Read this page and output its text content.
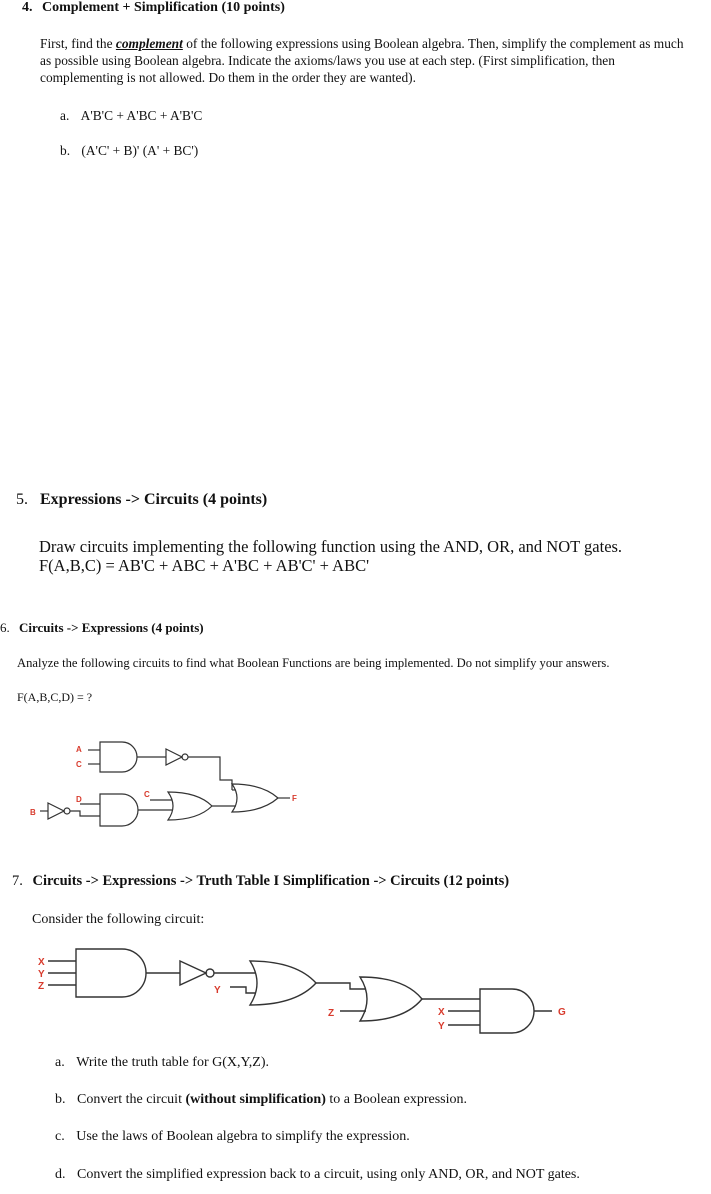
4. Complement + Simplification (10 points)
First, find the complement of the following expressions using Boolean algebra. Then, simplify the complement as much as possible using Boolean algebra. Indicate the axioms/laws you use at each step. (First simplification, then complementing is not allowed. Do them in the order they are wanted).
a. A'B'C + A'BC + A'B'C
b. (A'C' + B)' (A' + BC')
5. Expressions -> Circuits (4 points)
Draw circuits implementing the following function using the AND, OR, and NOT gates.
F(A,B,C) = AB'C + ABC + A'BC + AB'C' + ABC'
6. Circuits -> Expressions (4 points)
Analyze the following circuits to find what Boolean Functions are being implemented. Do not simplify your answers.
F(A,B,C,D) = ?
A
C
D
B
C	F
7. Circuits -> Expressions -> Truth Table I Simplification -> Circuits (12 points)
Consider the following circuit:
X
Y
Z	Y
Z	X
Y
G
a. Write the truth table for G(X,Y,Z).
b. Convert the circuit (without simplification) to a Boolean expression.
c. Use the laws of Boolean algebra to simplify the expression.
d. Convert the simplified expression back to a circuit, using only AND, OR, and NOT gates.
